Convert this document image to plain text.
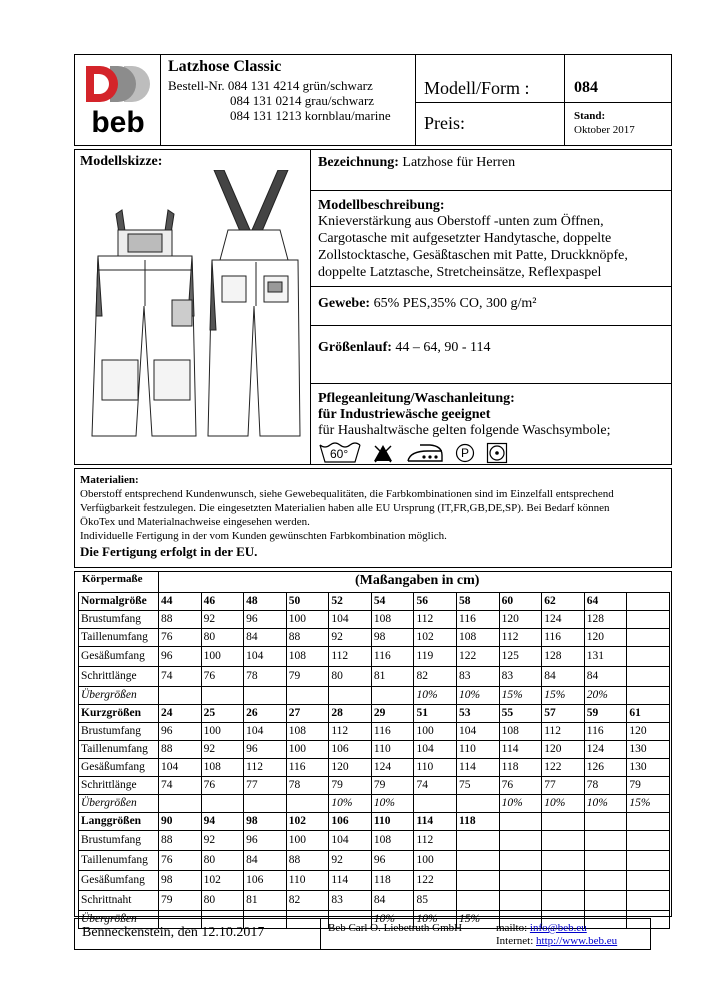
beb
Latzhose Classic
Bestell-Nr. 084 131 4214 grün/schwarz
084 131 0214 grau/schwarz
084 131 1213 kornblau/marine
Modell/Form :	084
Preis:	Stand:
Oktober 2017
Modellskizze:	Bezeichnung: Latzhose für Herren
Modellbeschreibung:
Knieverstärkung aus Oberstoff -unten zum Öffnen,
Cargotasche mit aufgesetzter Handytasche, doppelte
Zollstocktasche, Gesäßtaschen mit Patte, Druckknöpfe,
doppelte Latztasche, Stretcheinsätze, Reflexpaspel
Gewebe: 65% PES,35% CO, 300 g/m²
Größenlauf: 44 – 64, 90 - 114
Pflegeanleitung/Waschanleitung:
für Industriewäsche geeignet
für Haushaltwäsche gelten folgende Waschsymbole;
60°	P
Materialien:
Oberstoff entsprechend Kundenwunsch, siehe Gewebequalitäten, die Farbkombinationen sind im Einzelfall entsprechend
Verfügbarkeit festzulegen. Die eingesetzten Materialien haben alle EU Ursprung (IT,FR,GB,DE,SP). Bei Bedarf können
ÖkoTex und Materialnachweise eingesehen werden.
Individuelle Fertigung in der vom Kunden gewünschten Farbkombination möglich.
Die Fertigung erfolgt in der EU.
Körpermaße	(Maßangaben in cm)
Normalgröße	44	46	48	50	52	54	56	58	60	62	64	
Brustumfang	88	92	96	100	104	108	112	116	120	124	128	
Taillenumfang	76	80	84	88	92	98	102	108	112	116	120	
Gesäßumfang	96	100	104	108	112	116	119	122	125	128	131	
Schrittlänge	74	76	78	79	80	81	82	83	83	84	84	
Übergrößen							10%	10%	15%	15%	20%	
Kurzgrößen	24	25	26	27	28	29	51	53	55	57	59	61
Brustumfang	96	100	104	108	112	116	100	104	108	112	116	120
Taillenumfang	88	92	96	100	106	110	104	110	114	120	124	130
Gesäßumfang	104	108	112	116	120	124	110	114	118	122	126	130
Schrittlänge	74	76	77	78	79	79	74	75	76	77	78	79
Übergrößen					10%	10%			10%	10%	10%	15%
Langgrößen	90	94	98	102	106	110	114	118				
Brustumfang	88	92	96	100	104	108	112					
Taillenumfang	76	80	84	88	92	96	100					
Gesäßumfang	98	102	106	110	114	118	122					
Schrittnaht	79	80	81	82	83	84	85					
Übergrößen						10%	10%	15%				
Benneckenstein, den 12.10.2017	Beb Carl O. Liebetruth GmbH	mailto: info@beb.eu
Internet: http://www.beb.eu
